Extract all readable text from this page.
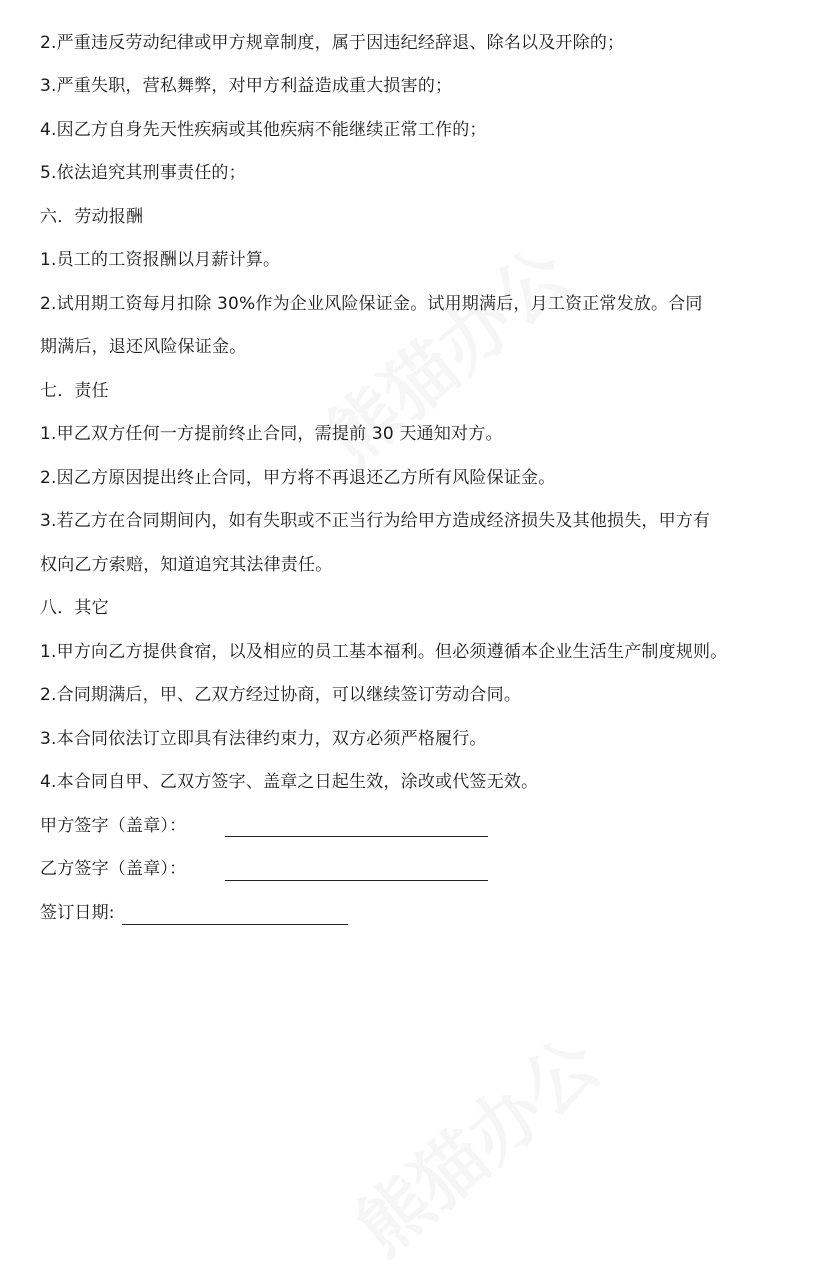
2.严重违反劳动纪律或甲方规章制度，属于因违纪经辞退、除名以及开除的；
3.严重失职，营私舞弊，对甲方利益造成重大损害的；
4.因乙方自身先天性疾病或其他疾病不能继续正常工作的；
5.依法追究其刑事责任的；
六．劳动报酬
1.员工的工资报酬以月薪计算。
2.试用期工资每月扣除 30%作为企业风险保证金。试用期满后，月工资正常发放。合同
期满后，退还风险保证金。
七．责任
1.甲乙双方任何一方提前终止合同，需提前 30 天通知对方。
2.因乙方原因提出终止合同，甲方将不再退还乙方所有风险保证金。
3.若乙方在合同期间内，如有失职或不正当行为给甲方造成经济损失及其他损失，甲方有
权向乙方索赔，知道追究其法律责任。
八．其它
1.甲方向乙方提供食宿，以及相应的员工基本福利。但必须遵循本企业生活生产制度规则。
2.合同期满后，甲、乙双方经过协商，可以继续签订劳动合同。
3.本合同依法订立即具有法律约束力，双方必须严格履行。
4.本合同自甲、乙双方签字、盖章之日起生效，涂改或代签无效。
甲方签字（盖章）：
乙方签字（盖章）：
签订日期:
